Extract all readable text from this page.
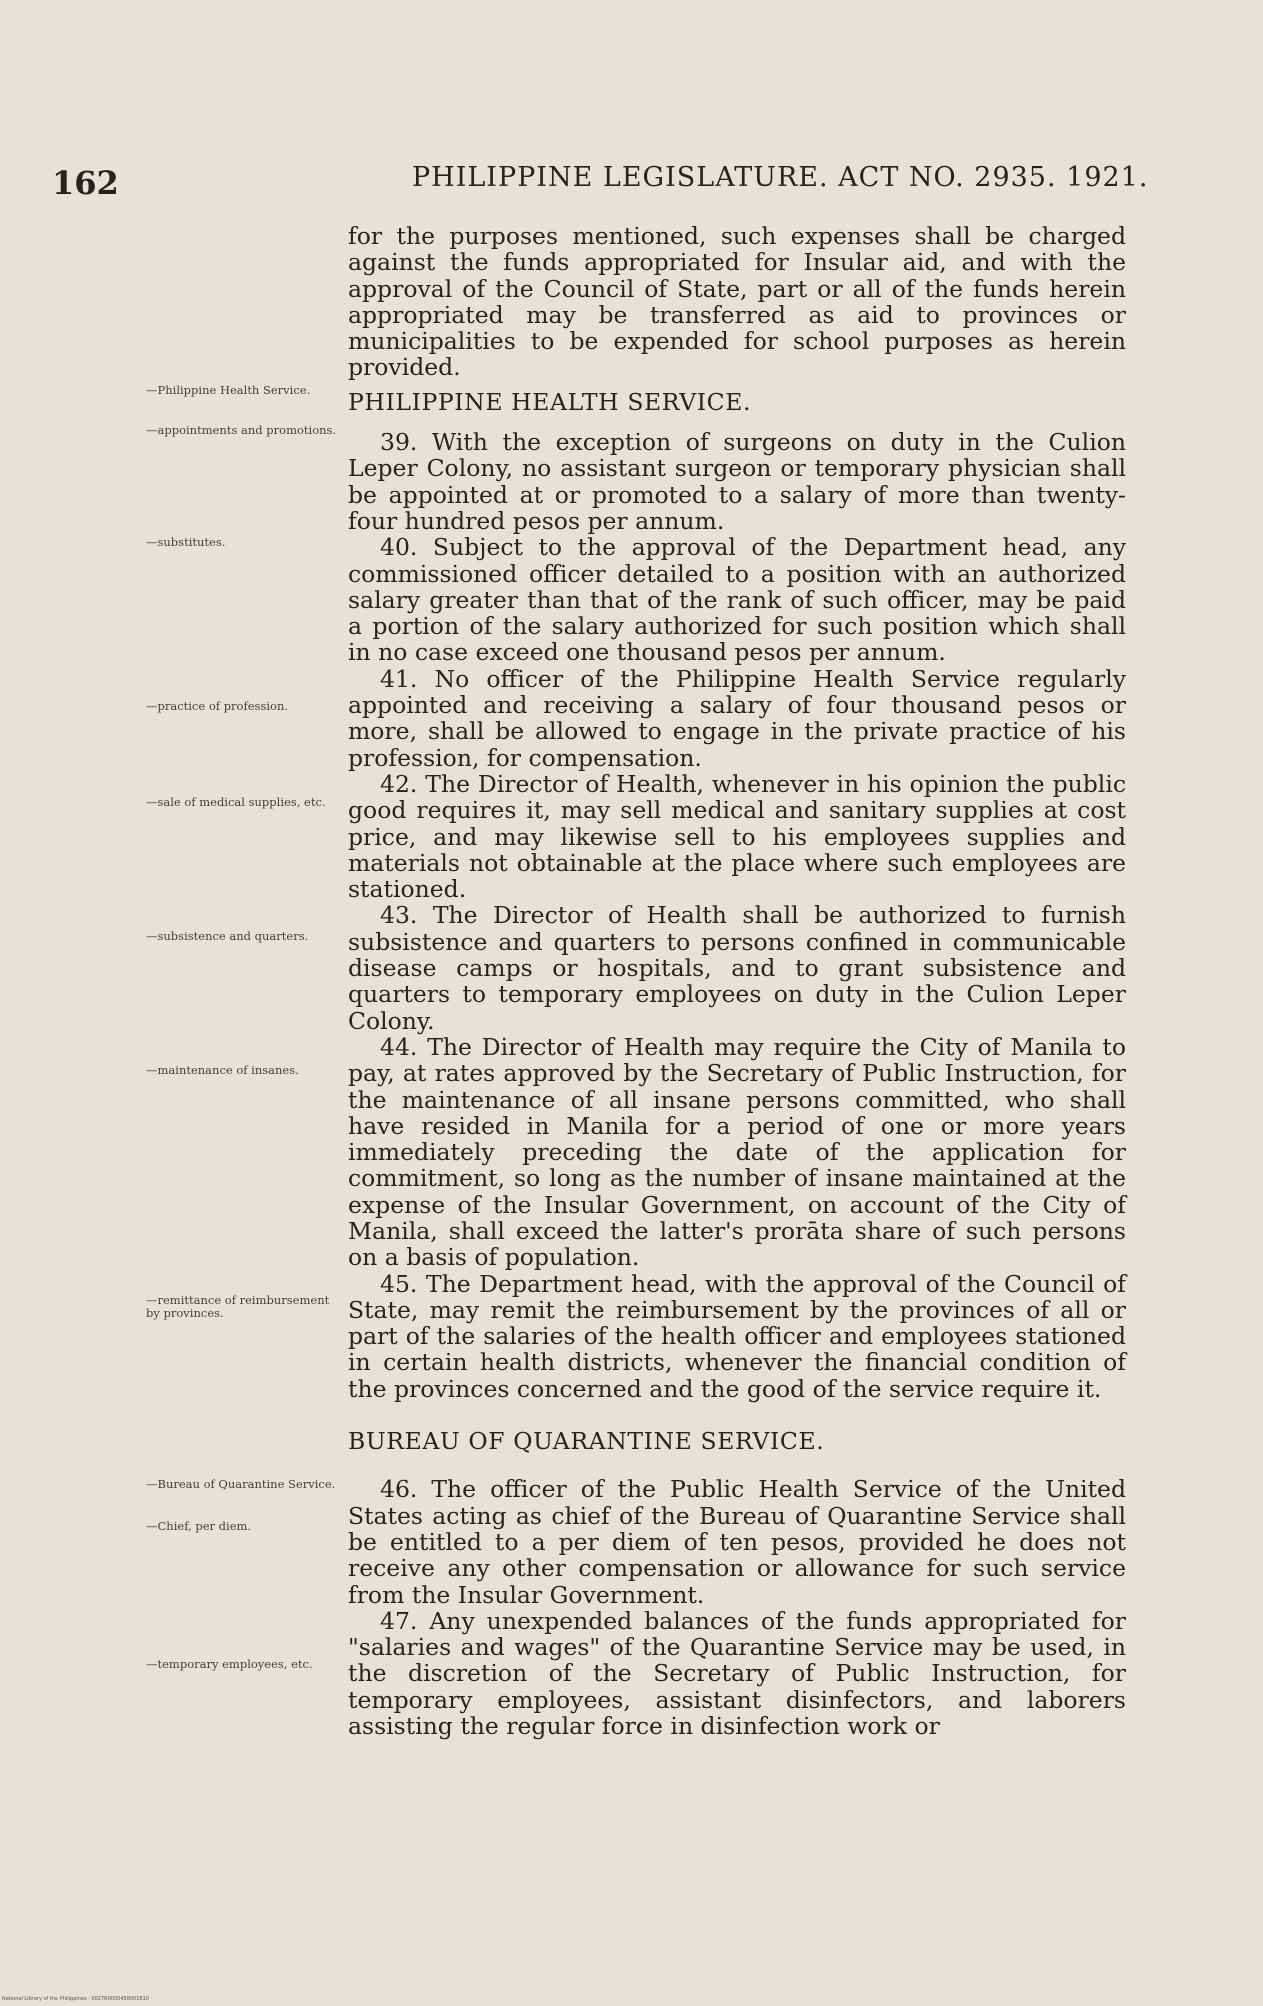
162	PHILIPPINE LEGISLATURE. ACT NO. 2935. 1921.
—Philippine Health Service.
—appointments and promotions.
—substitutes.
—practice of profession.
—sale of medical supplies, etc.
—subsistence and quarters.
—maintenance of insanes.
—remittance of reimbursement by provinces.
—Bureau of Quarantine Service.
—Chief, per diem.
—temporary employees, etc.

for the purposes mentioned, such expenses shall be charged against the funds appropriated for Insular aid, and with the approval of the Council of State, part or all of the funds herein appropriated may be transferred as aid to provinces or municipalities to be expended for school purposes as herein provided.

PHILIPPINE HEALTH SERVICE.

39. With the exception of surgeons on duty in the Culion Leper Colony, no assistant surgeon or temporary physician shall be appointed at or promoted to a salary of more than twenty-four hundred pesos per annum.

40. Subject to the approval of the Department head, any commissioned officer detailed to a position with an authorized salary greater than that of the rank of such officer, may be paid a portion of the salary authorized for such position which shall in no case exceed one thousand pesos per annum.

41. No officer of the Philippine Health Service regularly appointed and receiving a salary of four thousand pesos or more, shall be allowed to engage in the private practice of his profession, for compensation.

42. The Director of Health, whenever in his opinion the public good requires it, may sell medical and sanitary supplies at cost price, and may likewise sell to his employees supplies and materials not obtainable at the place where such employees are stationed.

43. The Director of Health shall be authorized to furnish subsistence and quarters to persons confined in communicable disease camps or hospitals, and to grant subsistence and quarters to temporary employees on duty in the Culion Leper Colony.

44. The Director of Health may require the City of Manila to pay, at rates approved by the Secretary of Public Instruction, for the maintenance of all insane persons committed, who shall have resided in Manila for a period of one or more years immediately preceding the date of the application for commitment, so long as the number of insane maintained at the expense of the Insular Government, on account of the City of Manila, shall exceed the latter's prorāta share of such persons on a basis of population.

45. The Department head, with the approval of the Council of State, may remit the reimbursement by the provinces of all or part of the salaries of the health officer and employees stationed in certain health districts, whenever the financial condition of the provinces concerned and the good of the service require it.

BUREAU OF QUARANTINE SERVICE.

46. The officer of the Public Health Service of the United States acting as chief of the Bureau of Quarantine Service shall be entitled to a per diem of ten pesos, provided he does not receive any other compensation or allowance for such service from the Insular Government.

47. Any unexpended balances of the funds appropriated for "salaries and wages" of the Quarantine Service may be used, in the discretion of the Secretary of Public Instruction, for temporary employees, assistant disinfectors, and laborers assisting the regular force in disinfection work or

National Library of the Philippines · 0027R0000458001810
